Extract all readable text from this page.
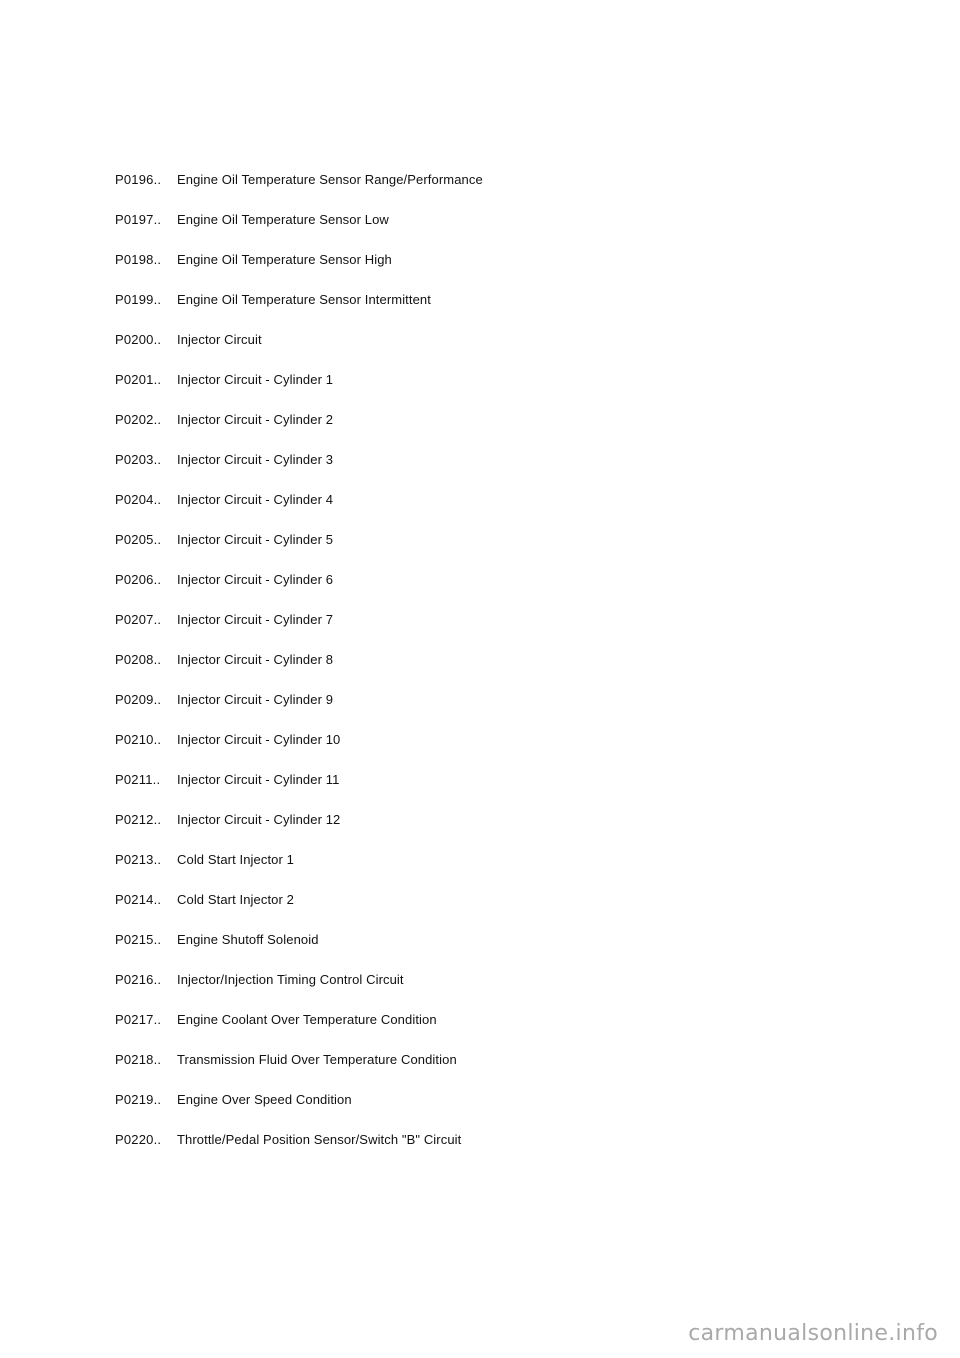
P0196..	Engine Oil Temperature Sensor Range/Performance
P0197..	Engine Oil Temperature Sensor Low
P0198..	Engine Oil Temperature Sensor High
P0199..	Engine Oil Temperature Sensor Intermittent
P0200..	Injector Circuit
P0201..	Injector Circuit - Cylinder 1
P0202..	Injector Circuit - Cylinder 2
P0203..	Injector Circuit - Cylinder 3
P0204..	Injector Circuit - Cylinder 4
P0205..	Injector Circuit - Cylinder 5
P0206..	Injector Circuit - Cylinder 6
P0207..	Injector Circuit - Cylinder 7
P0208..	Injector Circuit - Cylinder 8
P0209..	Injector Circuit - Cylinder 9
P0210..	Injector Circuit - Cylinder 10
P0211..	Injector Circuit - Cylinder 11
P0212..	Injector Circuit - Cylinder 12
P0213..	Cold Start Injector 1
P0214..	Cold Start Injector 2
P0215..	Engine Shutoff Solenoid
P0216..	Injector/Injection Timing Control Circuit
P0217..	Engine Coolant Over Temperature Condition
P0218..	Transmission Fluid Over Temperature Condition
P0219..	Engine Over Speed Condition
P0220..	Throttle/Pedal Position Sensor/Switch "B" Circuit
carmanualsonline.info
